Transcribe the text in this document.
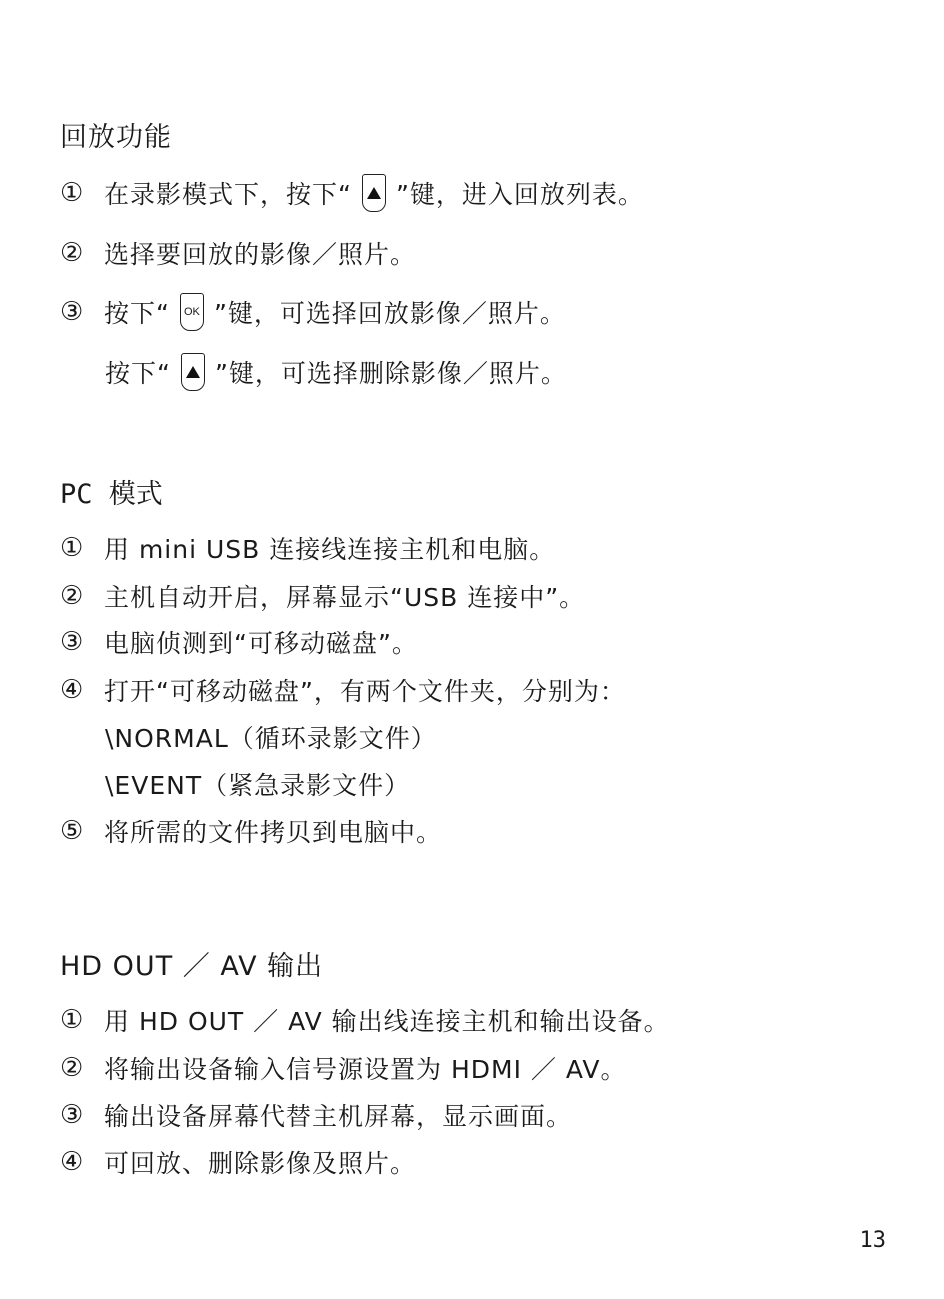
回放功能
① 在录影模式下，按下“ ”键，进入回放列表。
② 选择要回放的影像／照片。
③ 按下“ OK ”键，可选择回放影像／照片。
按下“ ”键，可选择删除影像／照片。
PC 模式
① 用 mini USB 连接线连接主机和电脑。
② 主机自动开启，屏幕显示“USB 连接中”。
③ 电脑侦测到“可移动磁盘”。
④ 打开“可移动磁盘”，有两个文件夹，分别为：
\NORMAL（循环录影文件）
\EVENT（紧急录影文件）
⑤ 将所需的文件拷贝到电脑中。
HD OUT ／ AV 输出
① 用 HD OUT ／ AV 输出线连接主机和输出设备。
② 将输出设备输入信号源设置为 HDMI ／ AV。
③ 输出设备屏幕代替主机屏幕，显示画面。
④ 可回放、删除影像及照片。
13
